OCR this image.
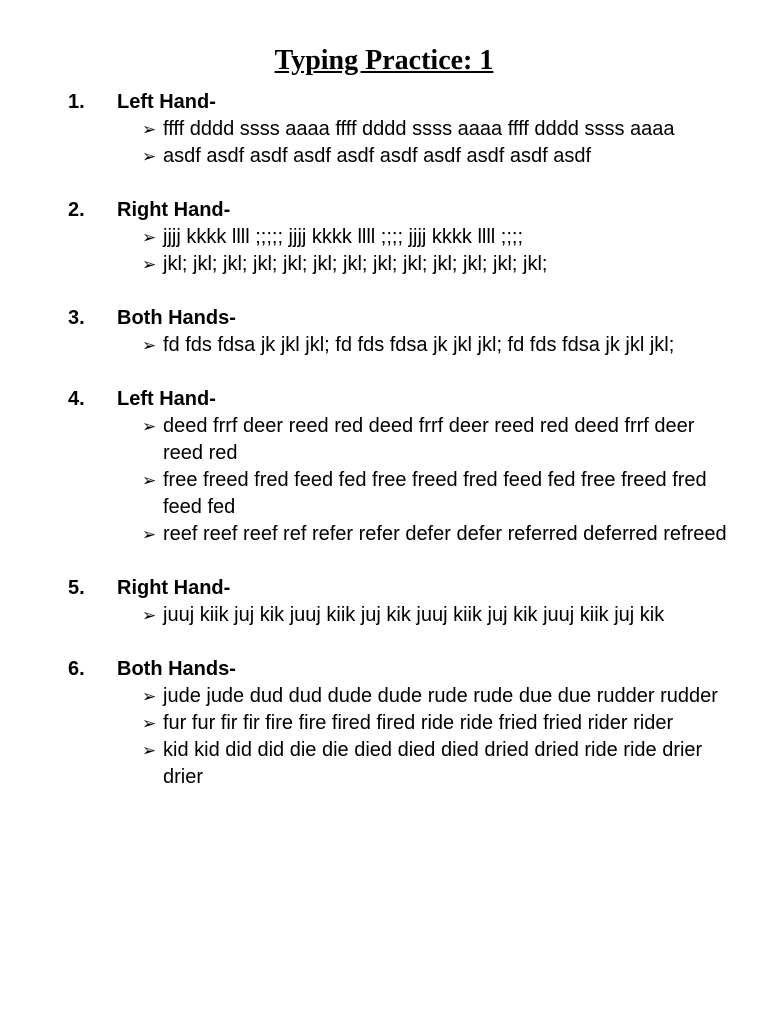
Typing Practice: 1
1. Left Hand-
➢ ffff dddd ssss aaaa ffff dddd ssss aaaa ffff dddd ssss aaaa
➢ asdf asdf asdf asdf asdf asdf asdf asdf asdf asdf
2. Right Hand-
➢ jjjj kkkk llll ;;;;; jjjj kkkk llll ;;;; jjjj kkkk llll ;;;;
➢ jkl; jkl; jkl; jkl; jkl; jkl; jkl; jkl; jkl; jkl; jkl; jkl; jkl;
3. Both Hands-
➢ fd fds fdsa jk jkl jkl; fd fds fdsa jk jkl jkl; fd fds fdsa jk jkl jkl;
4. Left Hand-
➢ deed frrf deer reed red deed frrf deer reed red deed frrf deer reed red
➢ free freed fred feed fed free freed fred feed fed free freed fred feed fed
➢ reef reef reef ref refer refer defer defer referred deferred refreed
5. Right Hand-
➢ juuj kiik juj kik juuj kiik juj kik juuj kiik juj kik juuj kiik juj kik
6. Both Hands-
➢ jude jude dud dud dude dude rude rude due due rudder rudder
➢ fur fur fir fir fire fire fired fired ride ride fried fried rider rider
➢ kid kid did did die die died died died dried dried ride ride drier drier
